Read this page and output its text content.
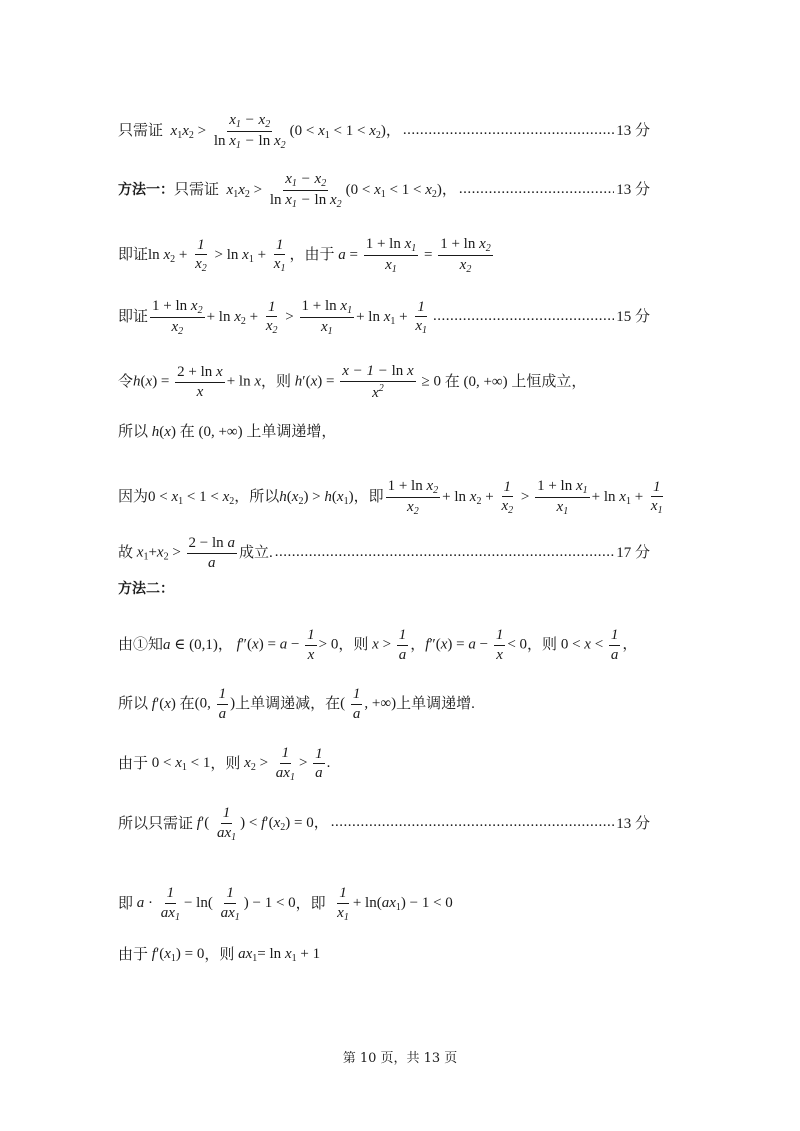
只需证 $x_1x_2 > \frac{x_1 - x_2}{\ln x_1 - \ln x_2} (0 < x_1 < 1 < x_2)$， .....	13 分
方法一： 只需证 $x_1x_2 > \frac{x_1 - x_2}{\ln x_1 - \ln x_2} (0 < x_1 < 1 < x_2)$， .....	13 分
即证 $\ln x_2 + \frac{1}{x_2} > \ln x_1 + \frac{1}{x_1}$ ，由于 $a = \frac{1 + \ln x_1}{x_1} = \frac{1 + \ln x_2}{x_2}$
即证 $\frac{1 + \ln x_2}{x_2} + \ln x_2 + \frac{1}{x_2} > \frac{1 + \ln x_1}{x_1} + \ln x_1 + \frac{1}{x_1}$ .....	15 分
令 $h(x) = \frac{\text{2 + ln x}}{x} + \ln x$ ，则 $h'(x) = \frac{\text{x − 1 − ln x}}{x^2} \ge 0$ 在 (0, +∞) 上恒成立，
所以 h(x) 在 (0, +∞) 上单调递增，
因为 $0 < x_1 < 1 < x_2$ ，所以 $h(x_2) > h(x_1)$ ，即 $\frac{1 + \ln x_2}{x_2} + \ln x_2 + \frac{1}{x_2} > \frac{1 + \ln x_1}{x_1} + \ln x_1 + \frac{1}{x_1}$
故 $x_1+x_2 > \frac{\text{2 − ln a}}{a}$ 成立. .....	17 分
方法二：
由①知 a ∈ (0,1) ， $f''(x) = a - \frac{1}{x} > 0$ ，则 $x > \frac{1}{a}$ ， $f''(x) = a - \frac{1}{x} < 0$ ，则 $0 < x < \frac{1}{a}$ ，
所以 f′(x) 在 (0, $\frac{1}{a}$ ) 上单调递减，在 ( $\frac{1}{a}$ , +∞) 上单调递增.
由于 $0 < x_1 < 1$ ，则 $x_2 > \frac{1}{ax_1} > \frac{1}{a}$ .
所以只需证 $f'( \frac{1}{ax_1}$ ) < $f'(x_2) = 0$， .....	13 分
即 $a \cdot \frac{1}{ax_1} - \ln( \frac{1}{ax_1}$ ) − 1 < 0 ，即
$\frac{1}{x_1} + \ln(ax_1) - 1 < 0$
由于 $f'(x_1) = 0$ ，则 $ax_1= \ln x_1 + 1$
第 10 页，共 13 页
